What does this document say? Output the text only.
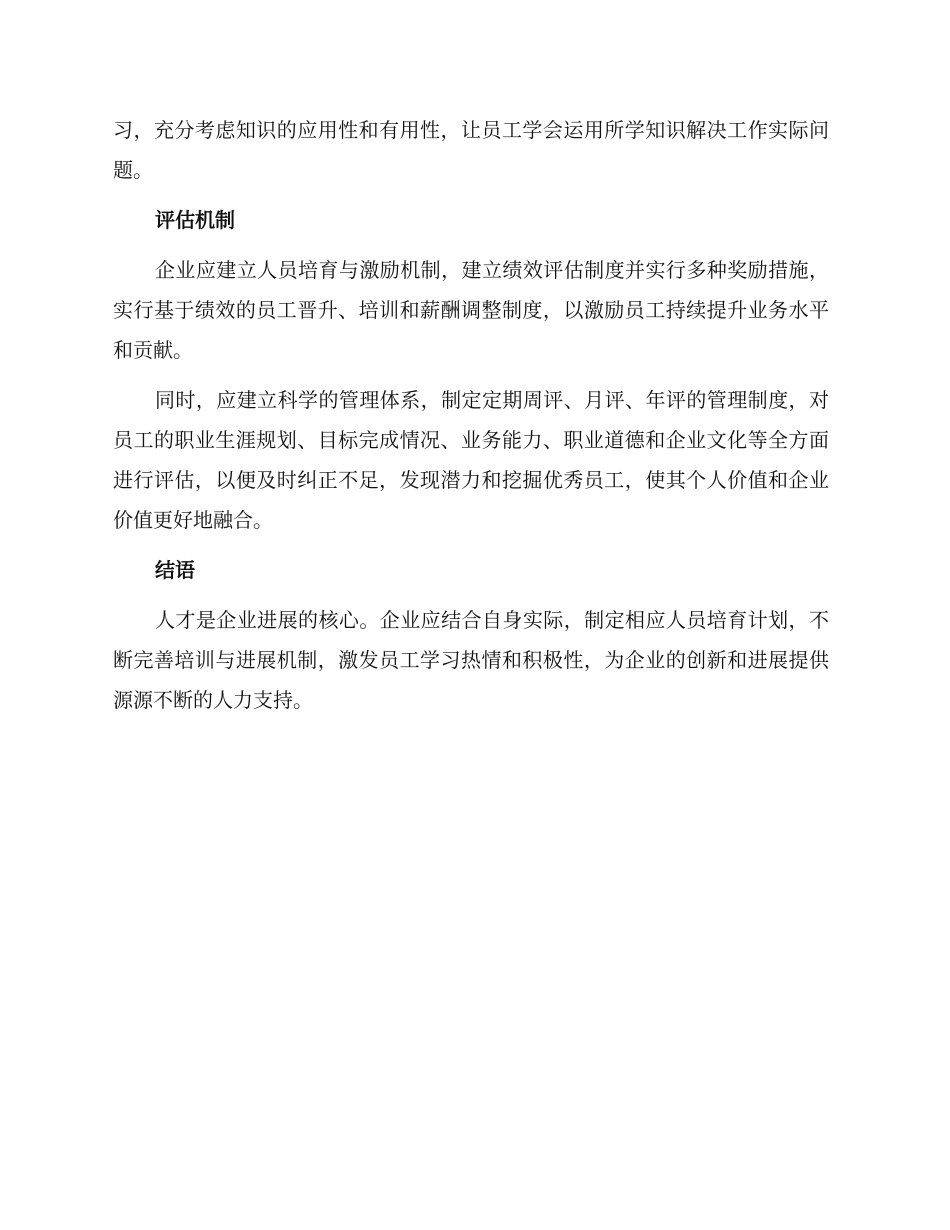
习，充分考虑知识的应用性和有用性，让员工学会运用所学知识解决工作实际问题。

评估机制

企业应建立人员培育与激励机制，建立绩效评估制度并实行多种奖励措施，实行基于绩效的员工晋升、培训和薪酬调整制度，以激励员工持续提升业务水平和贡献。

同时，应建立科学的管理体系，制定定期周评、月评、年评的管理制度，对员工的职业生涯规划、目标完成情况、业务能力、职业道德和企业文化等全方面进行评估，以便及时纠正不足，发现潜力和挖掘优秀员工，使其个人价值和企业价值更好地融合。

结语

人才是企业进展的核心。企业应结合自身实际，制定相应人员培育计划，不断完善培训与进展机制，激发员工学习热情和积极性，为企业的创新和进展提供源源不断的人力支持。
